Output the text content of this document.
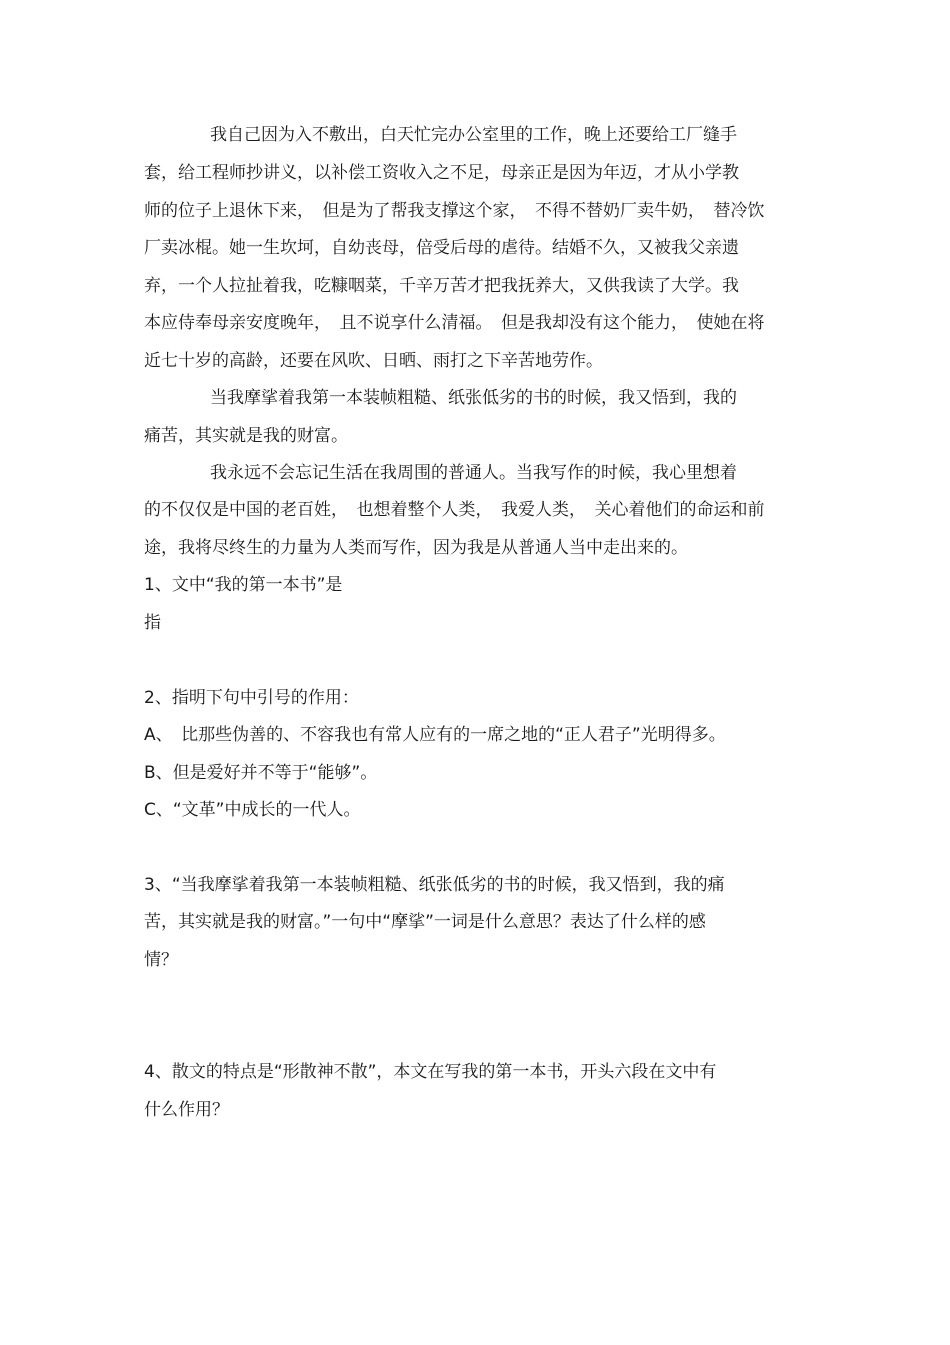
我自己因为入不敷出，白天忙完办公室里的工作，晚上还要给工厂缝手
套，给工程师抄讲义，以补偿工资收入之不足，母亲正是因为年迈，才从小学教
师的位子上退休下来，　但是为了帮我支撑这个家，　不得不替奶厂卖牛奶，　替冷饮
厂卖冰棍。她一生坎坷，自幼丧母，倍受后母的虐待。结婚不久，又被我父亲遗
弃，一个人拉扯着我，吃糠咽菜，千辛万苦才把我抚养大，又供我读了大学。我
本应侍奉母亲安度晚年，　且不说享什么清福。　但是我却没有这个能力，　使她在将
近七十岁的高龄，还要在风吹、日晒、雨打之下辛苦地劳作。
当我摩挲着我第一本装帧粗糙、纸张低劣的书的时候，我又悟到，我的
痛苦，其实就是我的财富。
我永远不会忘记生活在我周围的普通人。当我写作的时候，我心里想着
的不仅仅是中国的老百姓，　也想着整个人类，　我爱人类，　关心着他们的命运和前
途，我将尽终生的力量为人类而写作，因为我是从普通人当中走出来的。
1、文中“我的第一本书”是
指
2、指明下句中引号的作用：
A、　比那些伪善的、不容我也有常人应有的一席之地的“正人君子”光明得多。
B、但是爱好并不等于“能够”。
C、“文革”中成长的一代人。
3、“当我摩挲着我第一本装帧粗糙、纸张低劣的书的时候，我又悟到，我的痛
苦，其实就是我的财富。”一句中“摩挲”一词是什么意思？表达了什么样的感
情？
4、散文的特点是“形散神不散”，本文在写我的第一本书，开头六段在文中有
什么作用？
